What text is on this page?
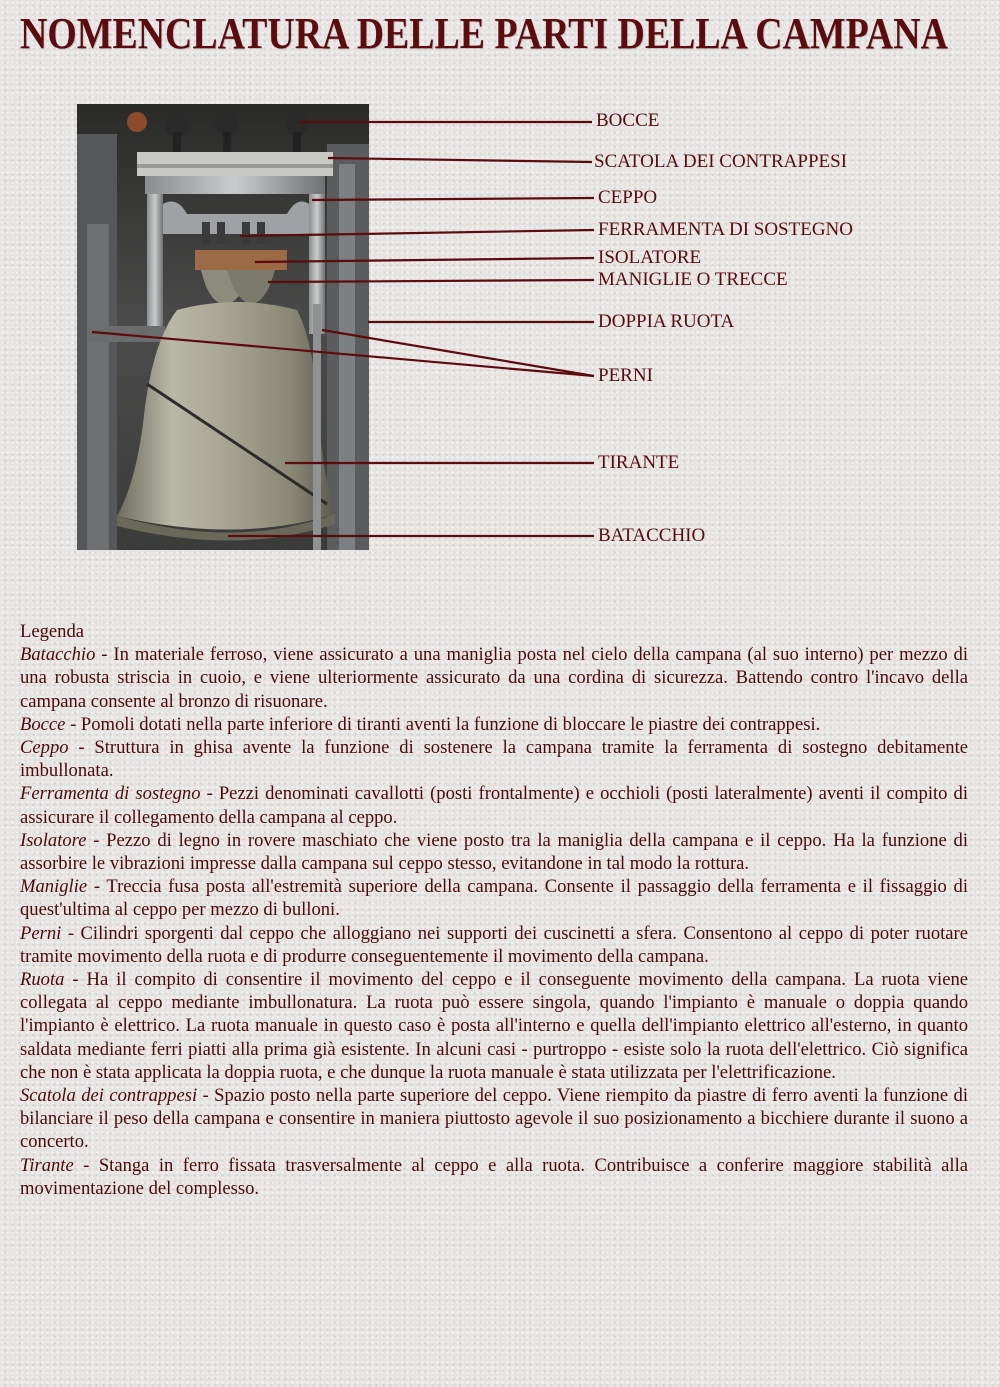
NOMENCLATURA DELLE PARTI DELLA CAMPANA
BOCCE
SCATOLA DEI CONTRAPPESI
CEPPO
FERRAMENTA DI SOSTEGNO
ISOLATORE
MANIGLIE O TRECCE
DOPPIA RUOTA
PERNI
TIRANTE
BATACCHIO
Legenda

Batacchio - In materiale ferroso, viene assicurato a una maniglia posta nel cielo della campana (al suo interno) per mezzo di una robusta striscia in cuoio, e viene ulteriormente assicurato da una cordina di sicurezza. Battendo contro l'incavo della campana consente al bronzo di risuonare.

Bocce - Pomoli dotati nella parte inferiore di tiranti aventi la funzione di bloccare le piastre dei contrappesi.

Ceppo - Struttura in ghisa avente la funzione di sostenere la campana tramite la ferramenta di sostegno debitamente imbullonata.

Ferramenta di sostegno - Pezzi denominati cavallotti (posti frontalmente) e occhioli (posti lateralmente) aventi il compito di assicurare il collegamento della campana al ceppo.

Isolatore - Pezzo di legno in rovere maschiato che viene posto tra la maniglia della campana e il ceppo. Ha la funzione di assorbire le vibrazioni impresse dalla campana sul ceppo stesso, evitandone in tal modo la rottura.

Maniglie - Treccia fusa posta all'estremità superiore della campana. Consente il passaggio della ferramenta e il fissaggio di quest'ultima al ceppo per mezzo di bulloni.

Perni - Cilindri sporgenti dal ceppo che alloggiano nei supporti dei cuscinetti a sfera. Consentono al ceppo di poter ruotare tramite movimento della ruota e di produrre conseguentemente il movimento della campana.

Ruota - Ha il compito di consentire il movimento del ceppo e il conseguente movimento della campana. La ruota viene collegata al ceppo mediante imbullonatura. La ruota può essere singola, quando l'impianto è manuale o doppia quando l'impianto è elettrico. La ruota manuale in questo caso è posta all'interno e quella dell'impianto elettrico all'esterno, in quanto saldata mediante ferri piatti alla prima già esistente. In alcuni casi - purtroppo - esiste solo la ruota dell'elettrico. Ciò significa che non è stata applicata la doppia ruota, e che dunque la ruota manuale è stata utilizzata per l'elettrificazione.

Scatola dei contrappesi - Spazio posto nella parte superiore del ceppo. Viene riempito da piastre di ferro aventi la funzione di bilanciare il peso della campana e consentire in maniera piuttosto agevole il suo posizionamento a bicchiere durante il suono a concerto.

Tirante - Stanga in ferro fissata trasversalmente al ceppo e alla ruota. Contribuisce a conferire maggiore stabilità alla movimentazione del complesso.
